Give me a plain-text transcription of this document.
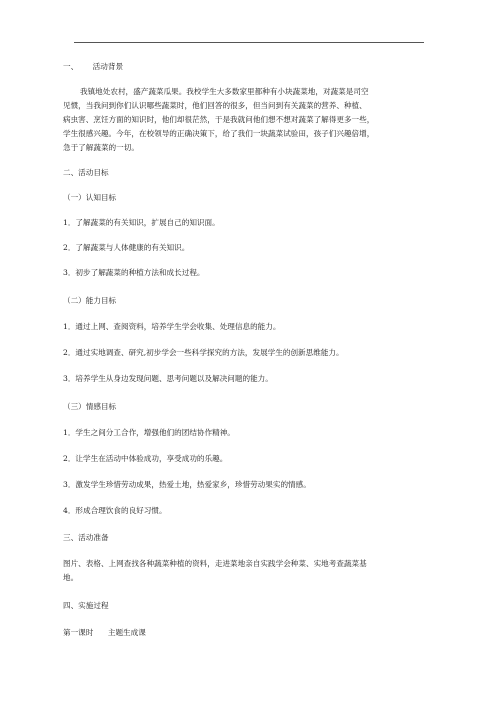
一、      活动背景
我镇地处农村，盛产蔬菜瓜果。我校学生大多数家里都种有小块蔬菜地，对蔬菜是司空
见惯，当我问到你们认识哪些蔬菜时，他们回答的很多，但当问到有关蔬菜的营养、种植、
病虫害、烹饪方面的知识时，他们却很茫然，于是我就问他们想不想对蔬菜了解得更多一些，
学生很感兴趣。今年，在校领导的正确决策下，给了我们一块蔬菜试验田，孩子们兴趣倍增，
急于了解蔬菜的一切。
二、活动目标
（一）认知目标
1．了解蔬菜的有关知识，扩展自己的知识面。
2．了解蔬菜与人体健康的有关知识。
3．初步了解蔬菜的种植方法和成长过程。
（二）能力目标
1．通过上网、查阅资料，培养学生学会收集、处理信息的能力。
2．通过实地调查、研究,初步学会一些科学探究的方法，发展学生的创新思维能力。
3．培养学生从身边发现问题、思考问题以及解决问题的能力。
（三）情感目标
1．学生之间分工合作，增强他们的团结协作精神。
2．让学生在活动中体验成功，享受成功的乐趣。
3．激发学生珍惜劳动成果，热爱土地，热爱家乡，珍惜劳动果实的情感。
4．形成合理饮食的良好习惯。
三、活动准备
图片、表格、上网查找各种蔬菜种植的资料，走进菜地亲自实践学会种菜、实地考查蔬菜基
地。
四、实施过程
第一课时      主题生成课
